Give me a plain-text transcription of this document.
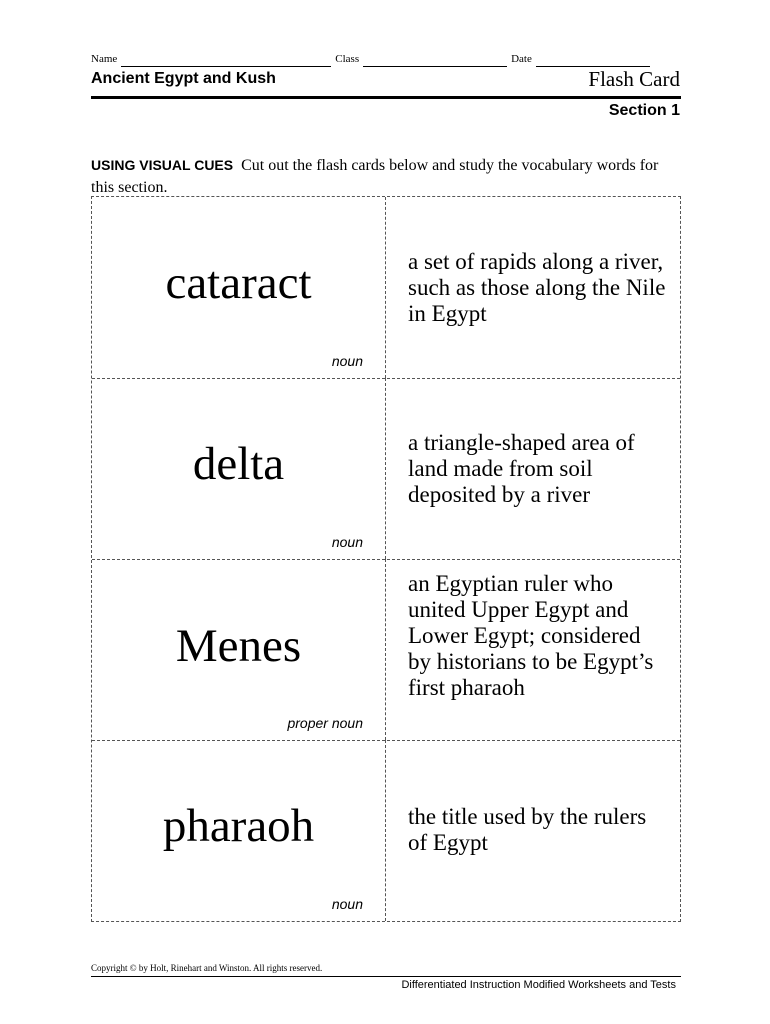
Name	Class	Date
Ancient Egypt and Kush	Flash Card
Section 1
USING VISUAL CUES Cut out the flash cards below and study the vocabulary words for this section.
cataract
noun
a set of rapids along a river, such as those along the Nile in Egypt
delta
noun
a triangle-shaped area of land made from soil deposited by a river
Menes
proper noun
an Egyptian ruler who united Upper Egypt and Lower Egypt; considered by historians to be Egypt’s first pharaoh
pharaoh
noun
the title used by the rulers of Egypt
Copyright © by Holt, Rinehart and Winston. All rights reserved.
Differentiated Instruction Modified Worksheets and Tests
